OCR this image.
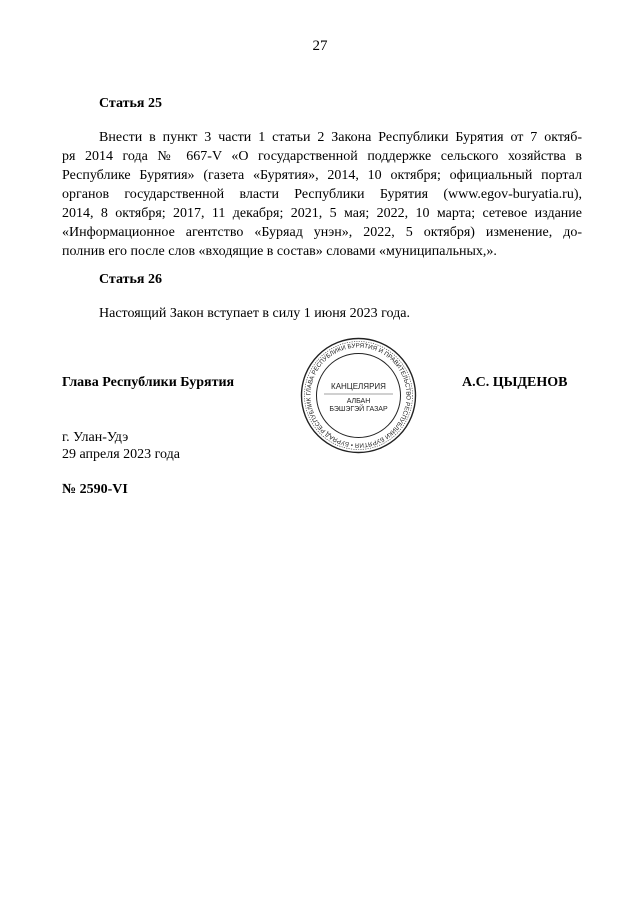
27
Статья 25
Внести в пункт 3 части 1 статьи 2 Закона Республики Бурятия от 7 октяб-
ря 2014 года № 667-V «О государственной поддержке сельского хозяйства в
Республике Бурятия» (газета «Бурятия», 2014, 10 октября; официальный портал
органов государственной власти Республики Бурятия (www.egov-buryatia.ru),
2014, 8 октября; 2017, 11 декабря; 2021, 5 мая; 2022, 10 марта; сетевое издание
«Информационное агентство «Буряад унэн», 2022, 5 октября) изменение, до-
полнив его после слов «входящие в состав» словами «муниципальных,».
Статья 26
Настоящий Закон вступает в силу 1 июня 2023 года.
Глава Республики Бурятия	А.С. ЦЫДЕНОВ
ГЛАВА РЕСПУБЛИКИ БУРЯТИЯ И ПРАВИТЕЛЬСТВО РЕСПУБЛИКИ БУРЯТИЯ • БУРЯАД РЕСПУБЛИК
КАНЦЕЛЯРИЯ
АЛБАН
БЭШЭГЭЙ ГАЗАР
г. Улан-Удэ
29 апреля 2023 года
№ 2590-VI
